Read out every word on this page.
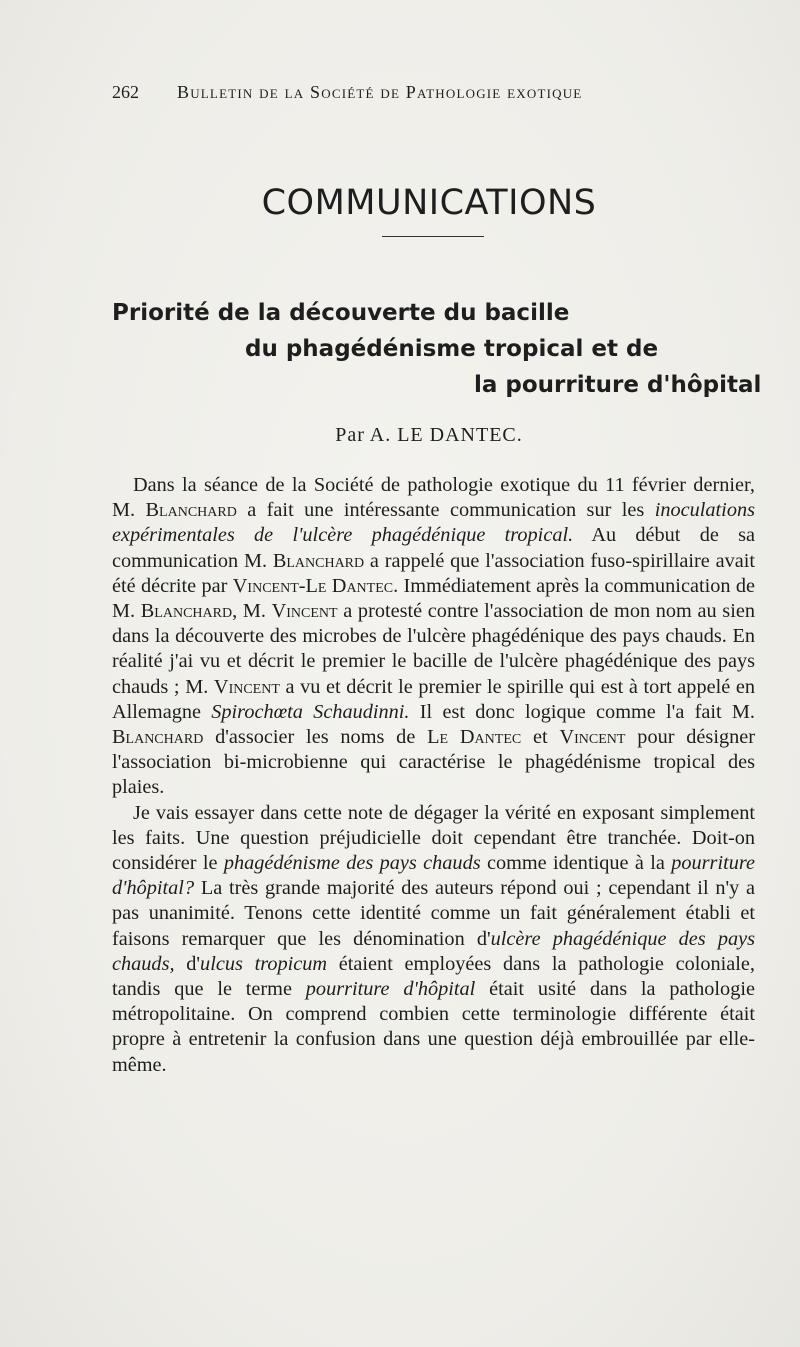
262 Bulletin de la Société de Pathologie exotique
COMMUNICATIONS
Priorité de la découverte du bacille
du phagédénisme tropical et de
la pourriture d'hôpital
Par A. LE DANTEC.

Dans la séance de la Société de pathologie exotique du 11 février dernier, M. Blanchard a fait une intéressante communication sur les inoculations expérimentales de l'ulcère phagédénique tropical. Au début de sa communication M. Blanchard a rappelé que l'association fuso-spirillaire avait été décrite par Vincent-Le Dantec. Immédiatement après la communication de M. Blanchard, M. Vincent a protesté contre l'association de mon nom au sien dans la découverte des microbes de l'ulcère phagédénique des pays chauds. En réalité j'ai vu et décrit le premier le bacille de l'ulcère phagédénique des pays chauds ; M. Vincent a vu et décrit le premier le spirille qui est à tort appelé en Allemagne Spirochœta Schaudinni. Il est donc logique comme l'a fait M. Blanchard d'associer les noms de Le Dantec et Vincent pour désigner l'association bi-microbienne qui caractérise le phagédénisme tropical des plaies.

Je vais essayer dans cette note de dégager la vérité en exposant simplement les faits. Une question préjudicielle doit cependant être tranchée. Doit-on considérer le phagédénisme des pays chauds comme identique à la pourriture d'hôpital? La très grande majorité des auteurs répond oui ; cependant il n'y a pas unanimité. Tenons cette identité comme un fait généralement établi et faisons remarquer que les dénomination d'ulcère phagédénique des pays chauds, d'ulcus tropicum étaient employées dans la pathologie coloniale, tandis que le terme pourriture d'hôpital était usité dans la pathologie métropolitaine. On comprend combien cette terminologie différente était propre à entretenir la confusion dans une question déjà embrouillée par elle-même.
